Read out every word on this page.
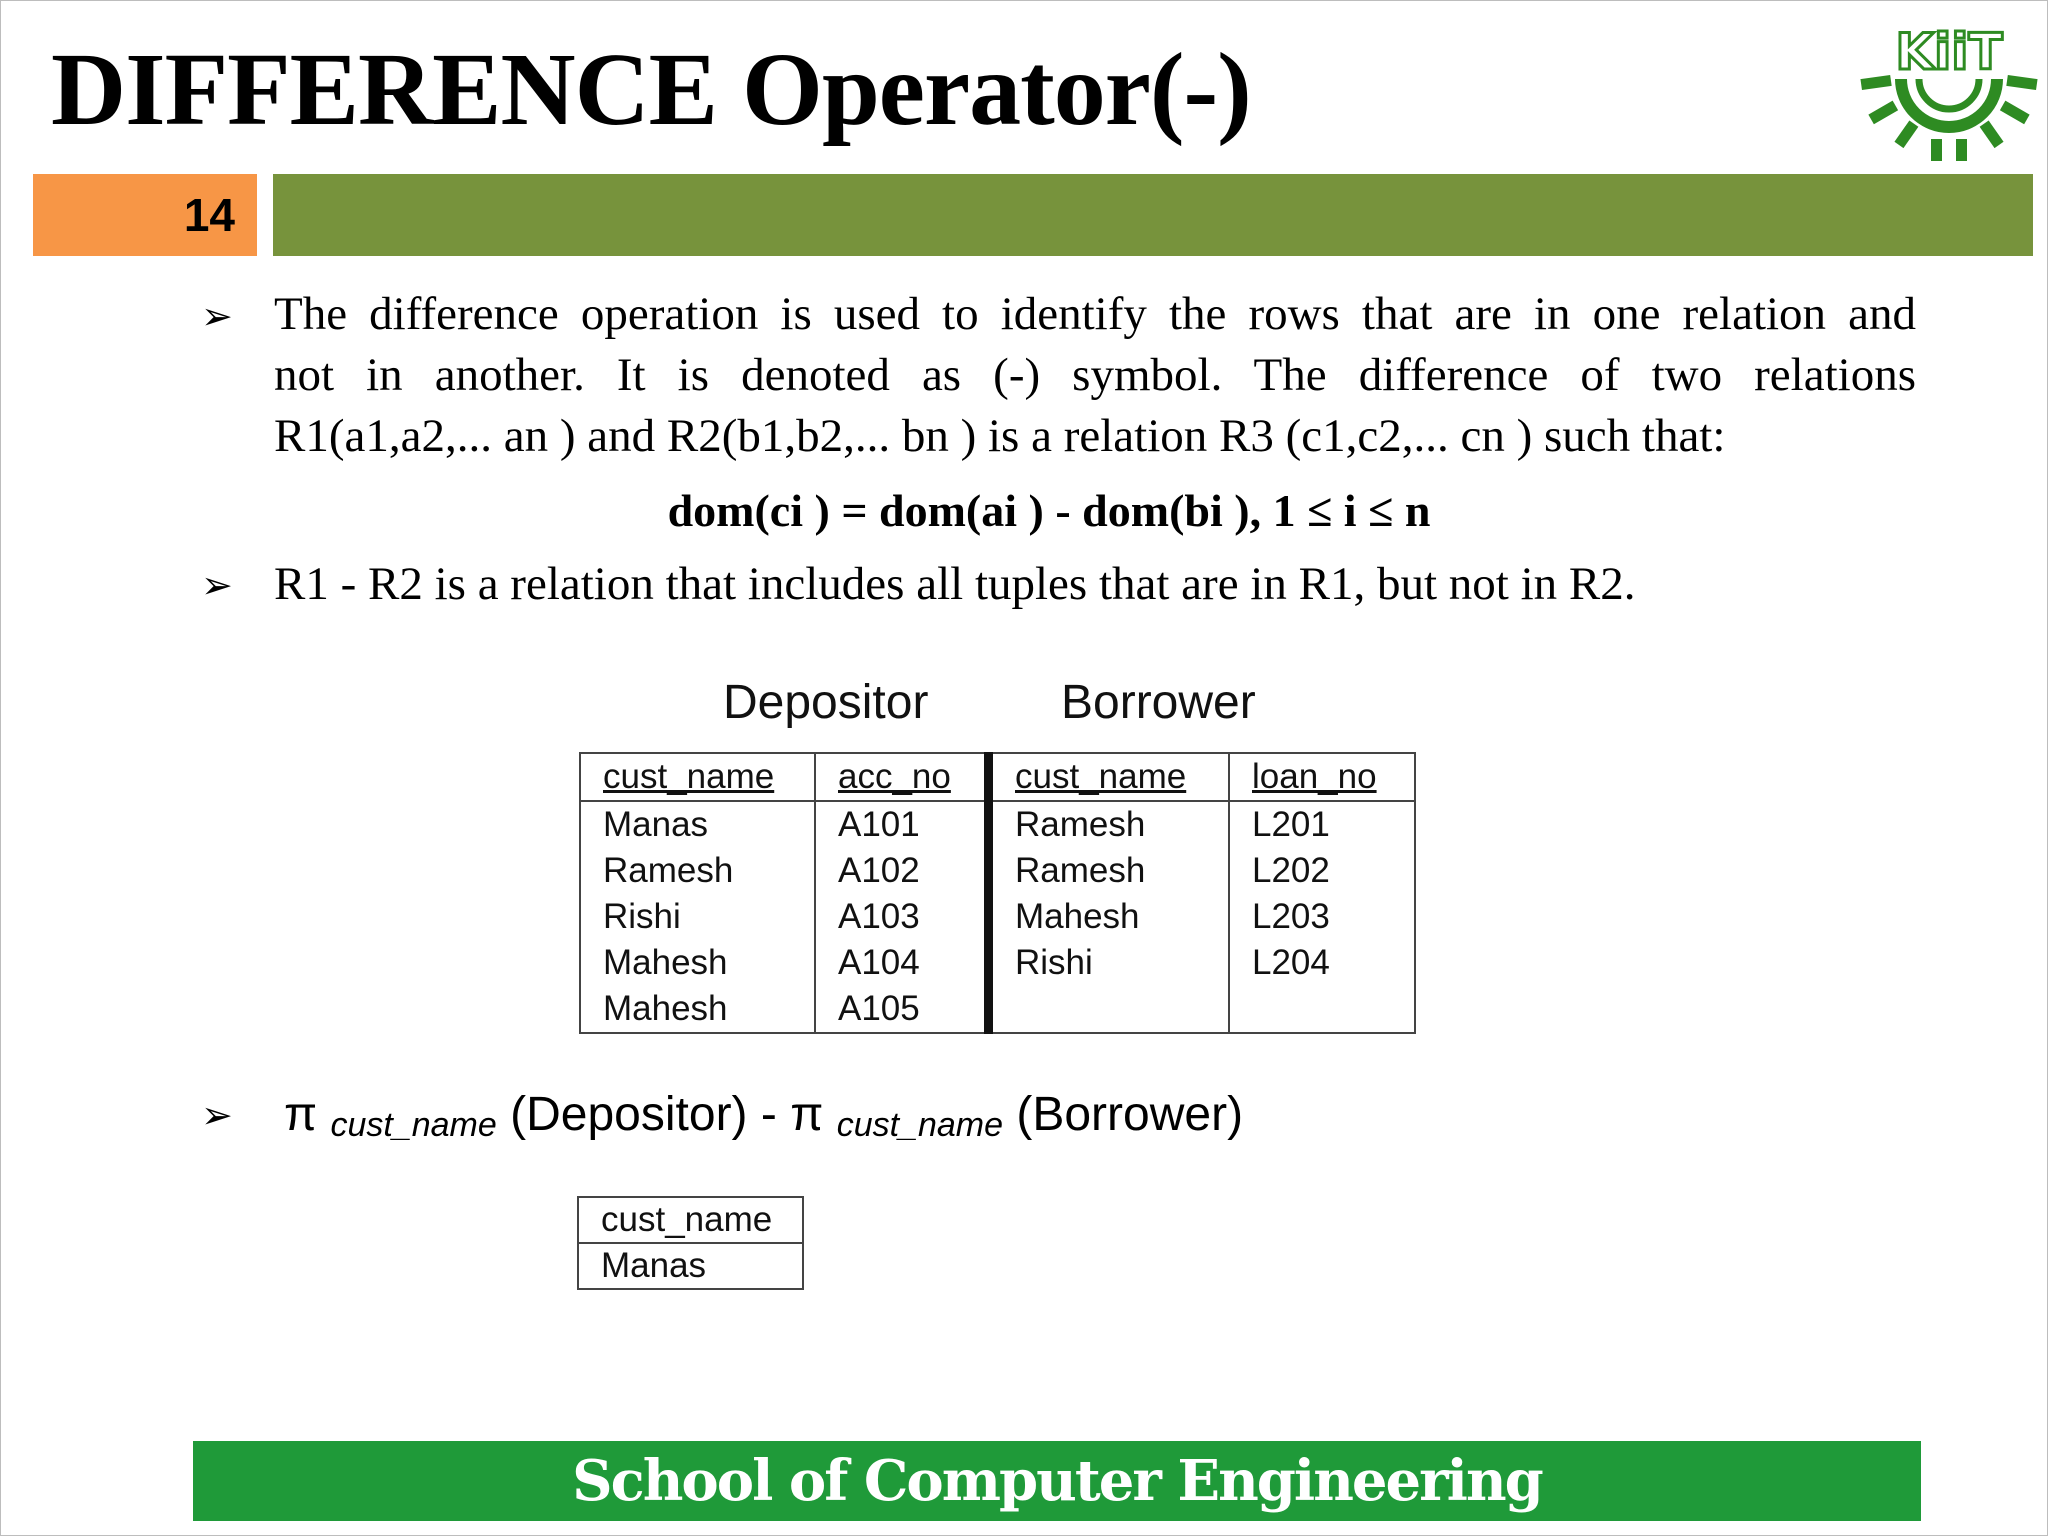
DIFFERENCE Operator(-)	KiiT
14
➢ The difference operation is used to identify the rows that are in one relation and
not in another. It is denoted as (-) symbol. The difference of two relations
R1(a1,a2,... an ) and R2(b1,b2,... bn ) is a relation R3 (c1,c2,... cn ) such that:
dom(ci ) = dom(ai ) - dom(bi ), 1 ≤ i ≤ n
➢ R1 - R2 is a relation that includes all tuples that are in R1, but not in R2.
Depositor	Borrower
cust_name	acc_no	cust_name	loan_no
Manas	A101	Ramesh	L201
Ramesh	A102	Ramesh	L202
Rishi	A103	Mahesh	L203
Mahesh	A104	Rishi	L204
Mahesh	A105		
➢ π cust_name (Depositor) - π cust_name (Borrower)
cust_name
Manas
School of Computer Engineering
